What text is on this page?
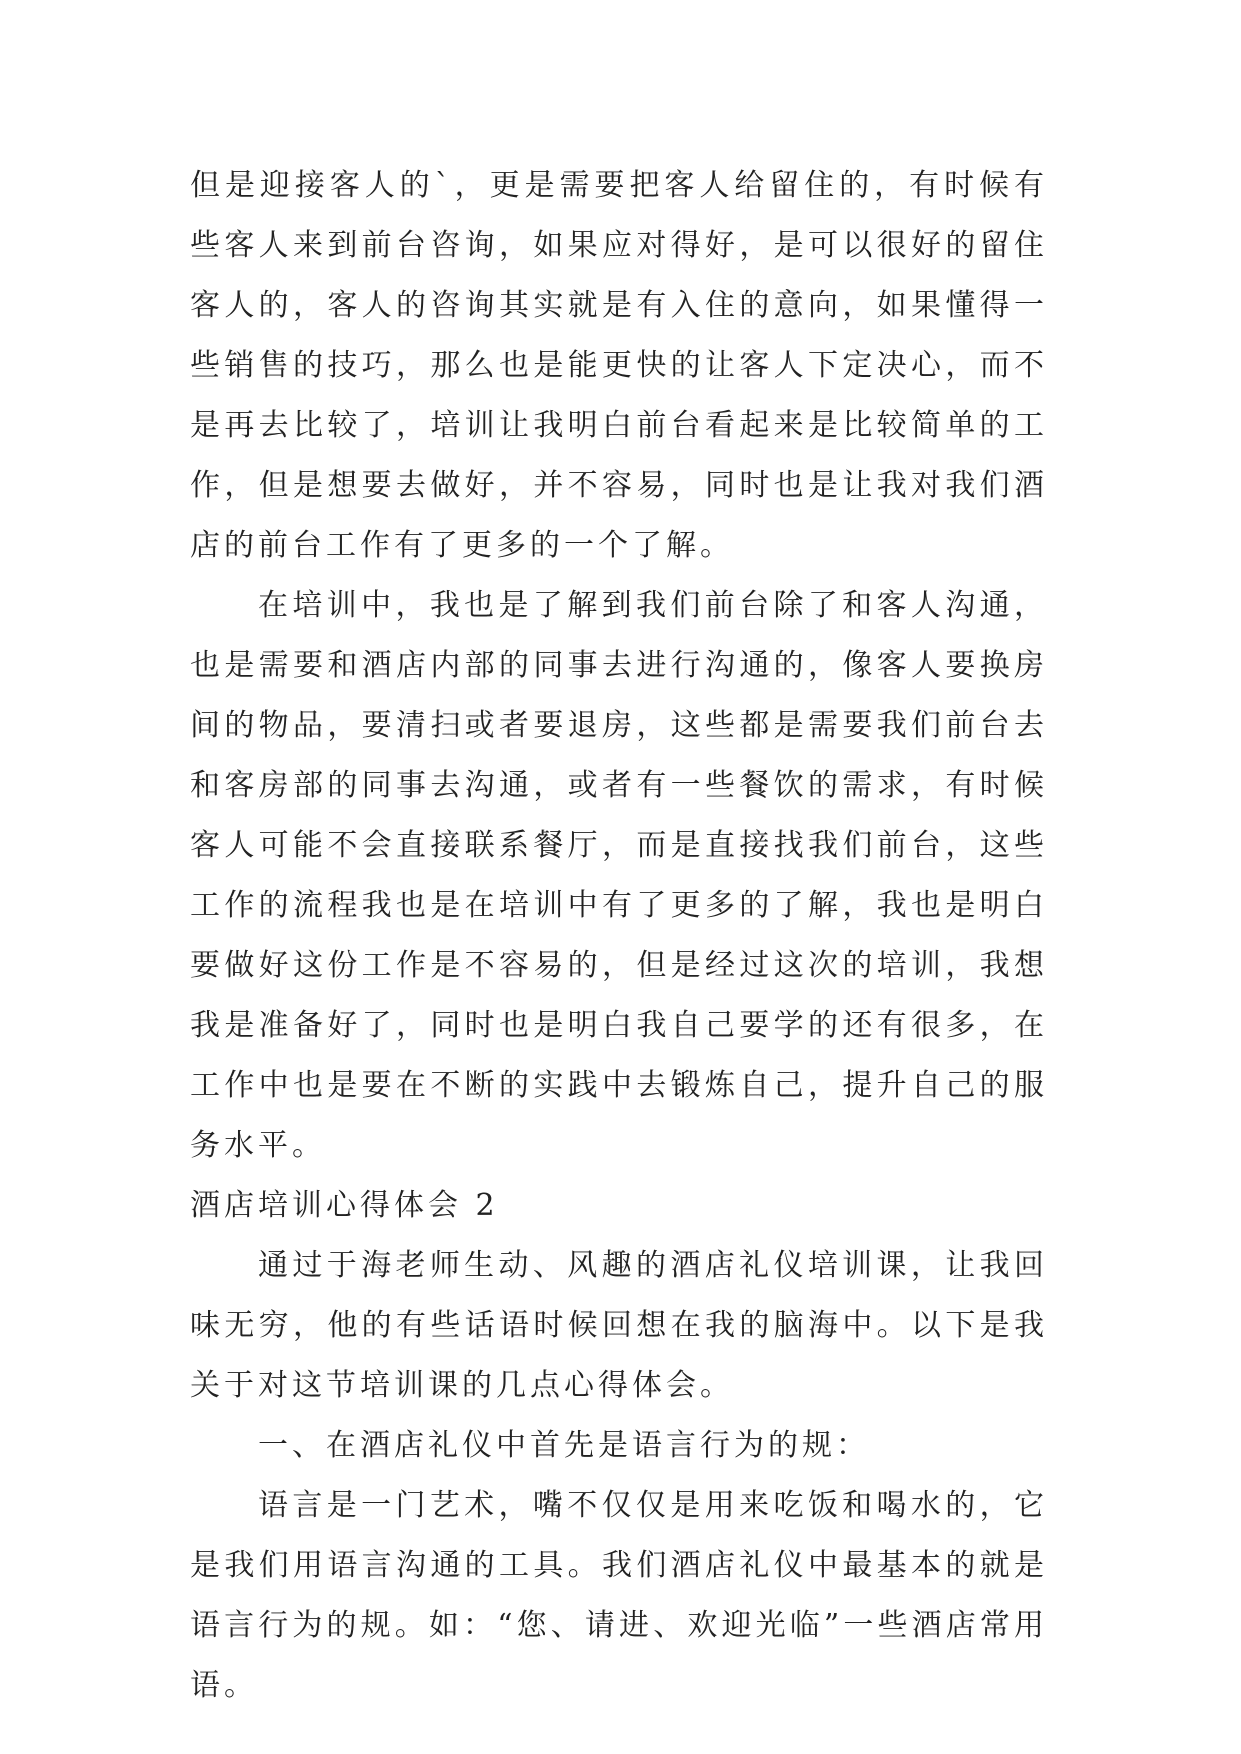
但是迎接客人的`，更是需要把客人给留住的，有时候有些客人来到前台咨询，如果应对得好，是可以很好的留住客人的，客人的咨询其实就是有入住的意向，如果懂得一些销售的技巧，那么也是能更快的让客人下定决心，而不是再去比较了，培训让我明白前台看起来是比较简单的工作，但是想要去做好，并不容易，同时也是让我对我们酒店的前台工作有了更多的一个了解。

在培训中，我也是了解到我们前台除了和客人沟通，也是需要和酒店内部的同事去进行沟通的，像客人要换房间的物品，要清扫或者要退房，这些都是需要我们前台去和客房部的同事去沟通，或者有一些餐饮的需求，有时候客人可能不会直接联系餐厅，而是直接找我们前台，这些工作的流程我也是在培训中有了更多的了解，我也是明白要做好这份工作是不容易的，但是经过这次的培训，我想我是准备好了，同时也是明白我自己要学的还有很多，在工作中也是要在不断的实践中去锻炼自己，提升自己的服务水平。

酒店培训心得体会 2

通过于海老师生动、风趣的酒店礼仪培训课，让我回味无穷，他的有些话语时候回想在我的脑海中。以下是我关于对这节培训课的几点心得体会。

一、在酒店礼仪中首先是语言行为的规：

语言是一门艺术，嘴不仅仅是用来吃饭和喝水的，它是我们用语言沟通的工具。我们酒店礼仪中最基本的就是语言行为的规。如：“您、请进、欢迎光临”一些酒店常用语。
